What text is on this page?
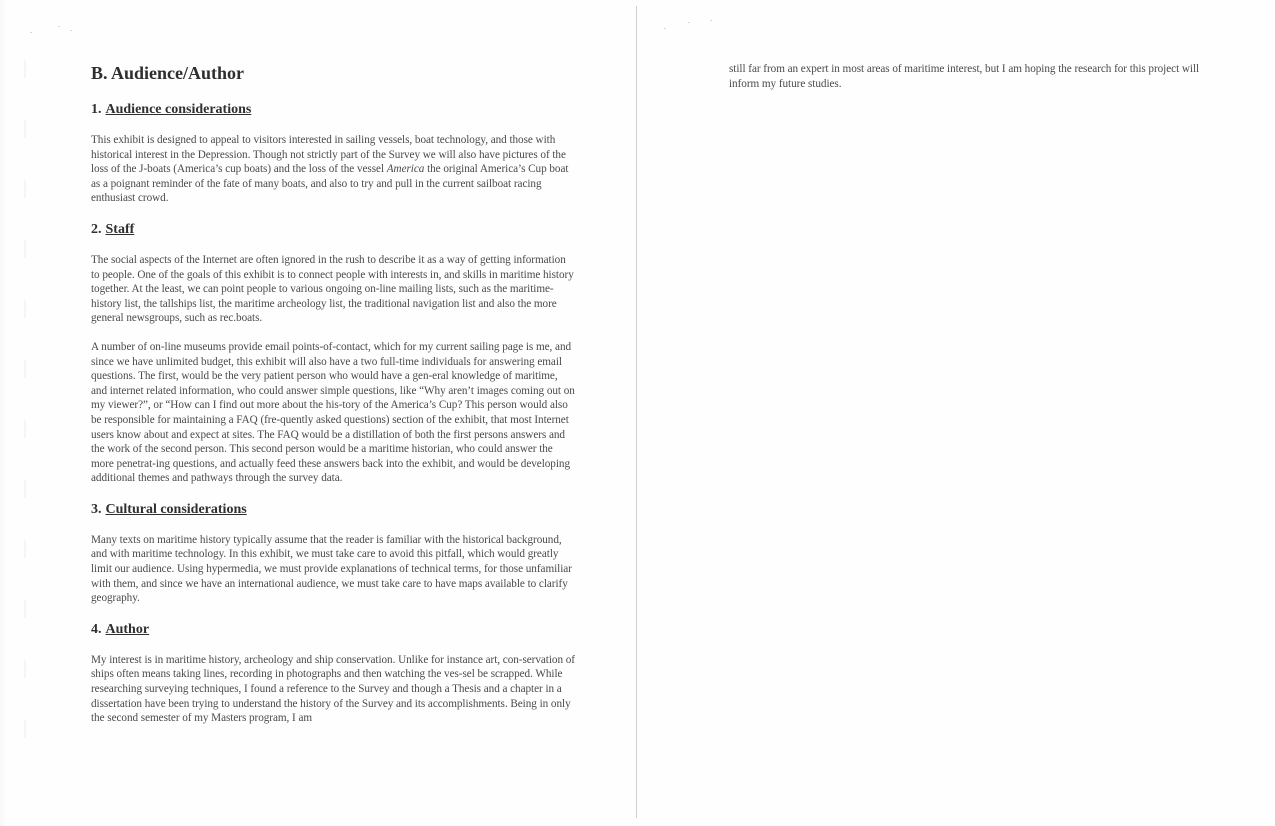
B. Audience/Author
1. Audience considerations

This exhibit is designed to appeal to visitors interested in sailing vessels, boat technology, and those with historical interest in the Depression. Though not strictly part of the Survey we will also have pictures of the loss of the J-boats (America’s cup boats) and the loss of the vessel America the original America’s Cup boat as a poignant reminder of the fate of many boats, and also to try and pull in the current sailboat racing enthusiast crowd.

2. Staff

The social aspects of the Internet are often ignored in the rush to describe it as a way of getting information to people. One of the goals of this exhibit is to connect people with interests in, and skills in maritime history together. At the least, we can point people to various ongoing on-line mailing lists, such as the maritime-history list, the tallships list, the maritime archeology list, the traditional navigation list and also the more general newsgroups, such as rec.boats.

A number of on-line museums provide email points-of-contact, which for my current sailing page is me, and since we have unlimited budget, this exhibit will also have a two full-time individuals for answering email questions. The first, would be the very patient person who would have a gen-eral knowledge of maritime, and internet related information, who could answer simple questions, like “Why aren’t images coming out on my viewer?”, or “How can I find out more about the his-tory of the America’s Cup? This person would also be responsible for maintaining a FAQ (fre-quently asked questions) section of the exhibit, that most Internet users know about and expect at sites. The FAQ would be a distillation of both the first persons answers and the work of the second person. This second person would be a maritime historian, who could answer the more penetrat-ing questions, and actually feed these answers back into the exhibit, and would be developing additional themes and pathways through the survey data.

3. Cultural considerations

Many texts on maritime history typically assume that the reader is familiar with the historical background, and with maritime technology. In this exhibit, we must take care to avoid this pitfall, which would greatly limit our audience. Using hypermedia, we must provide explanations of technical terms, for those unfamiliar with them, and since we have an international audience, we must take care to have maps available to clarify geography.

4. Author

My interest is in maritime history, archeology and ship conservation. Unlike for instance art, con-servation of ships often means taking lines, recording in photographs and then watching the ves-sel be scrapped. While researching surveying techniques, I found a reference to the Survey and though a Thesis and a chapter in a dissertation have been trying to understand the history of the Survey and its accomplishments. Being in only the second semester of my Masters program, I am

still far from an expert in most areas of maritime interest, but I am hoping the research for this project will inform my future studies.
